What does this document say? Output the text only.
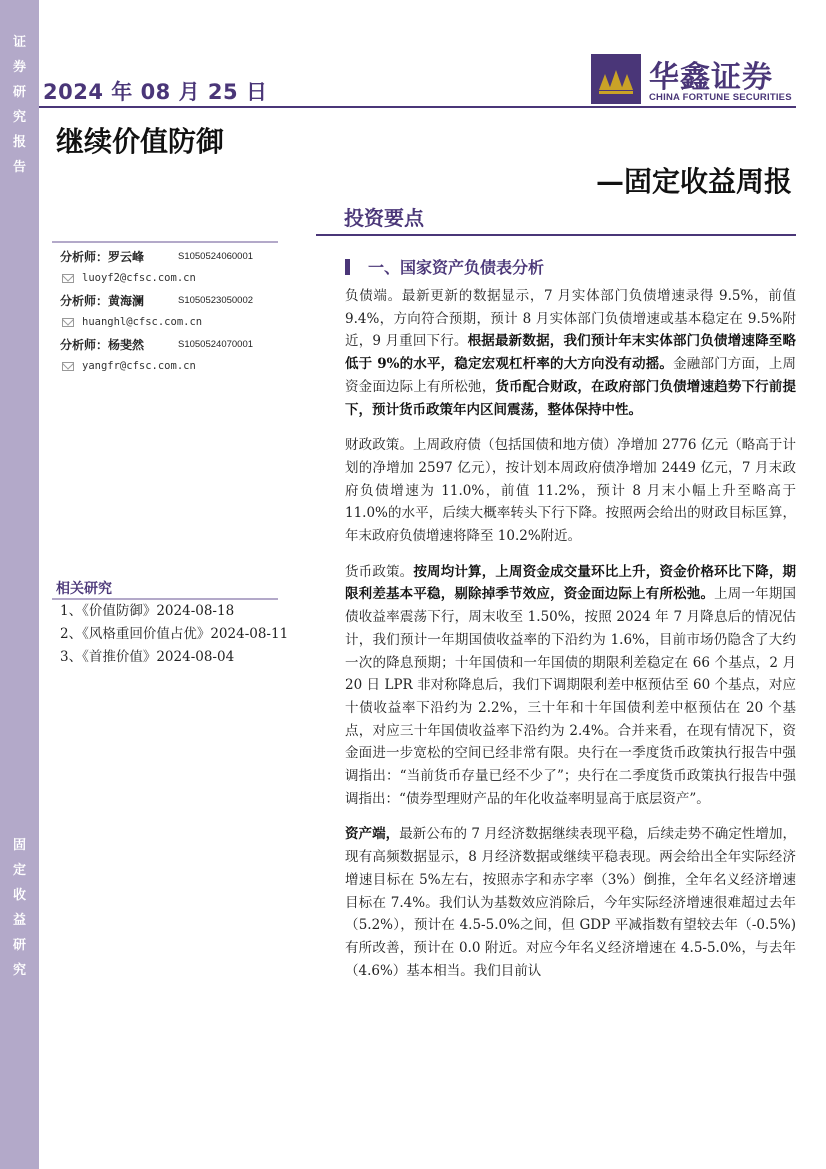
证
券
研
究
报
告
固
定
收
益
研
究
2024 年 08 月 25 日	华鑫证券
CHINA FORTUNE SECURITIES
继续价值防御
—固定收益周报
投资要点
分析师：罗云峰	S1050524060001
luoyf2@cfsc.com.cn
分析师：黄海澜	S1050523050002
huanghl@cfsc.com.cn
分析师：杨斐然	S1050524070001
yangfr@cfsc.com.cn
相关研究
1、《价值防御》2024-08-18
2、《风格重回价值占优》2024-08-11
3、《首推价值》2024-08-04
一、国家资产负债表分析

负债端。最新更新的数据显示，7 月实体部门负债增速录得 9.5%，前值 9.4%，方向符合预期，预计 8 月实体部门负债增速或基本稳定在 9.5%附近，9 月重回下行。根据最新数据，我们预计年末实体部门负债增速降至略低于 9%的水平，稳定宏观杠杆率的大方向没有动摇。金融部门方面，上周资金面边际上有所松弛，货币配合财政，在政府部门负债增速趋势下行前提下，预计货币政策年内区间震荡，整体保持中性。

财政政策。上周政府债（包括国债和地方债）净增加 2776 亿元（略高于计划的净增加 2597 亿元），按计划本周政府债净增加 2449 亿元，7 月末政府负债增速为 11.0%，前值 11.2%，预计 8 月末小幅上升至略高于 11.0%的水平，后续大概率转头下行下降。按照两会给出的财政目标匡算，年末政府负债增速将降至 10.2%附近。

货币政策。按周均计算，上周资金成交量环比上升，资金价格环比下降，期限利差基本平稳，剔除掉季节效应，资金面边际上有所松弛。上周一年期国债收益率震荡下行，周末收至 1.50%，按照 2024 年 7 月降息后的情况估计，我们预计一年期国债收益率的下沿约为 1.6%，目前市场仍隐含了大约一次的降息预期；十年国债和一年国债的期限利差稳定在 66 个基点，2 月 20 日 LPR 非对称降息后，我们下调期限利差中枢预估至 60 个基点，对应十债收益率下沿约为 2.2%，三十年和十年国债利差中枢预估在 20 个基点，对应三十年国债收益率下沿约为 2.4%。合并来看，在现有情况下，资金面进一步宽松的空间已经非常有限。央行在一季度货币政策执行报告中强调指出：“当前货币存量已经不少了”；央行在二季度货币政策执行报告中强调指出：“债券型理财产品的年化收益率明显高于底层资产”。

资产端，最新公布的 7 月经济数据继续表现平稳，后续走势不确定性增加，现有高频数据显示，8 月经济数据或继续平稳表现。两会给出全年实际经济增速目标在 5%左右，按照赤字和赤字率（3%）倒推，全年名义经济增速目标在 7.4%。我们认为基数效应消除后，今年实际经济增速很难超过去年（5.2%），预计在 4.5-5.0%之间，但 GDP 平减指数有望较去年（-0.5%)有所改善，预计在 0.0 附近。对应今年名义经济增速在 4.5-5.0%，与去年（4.6%）基本相当。我们目前认
